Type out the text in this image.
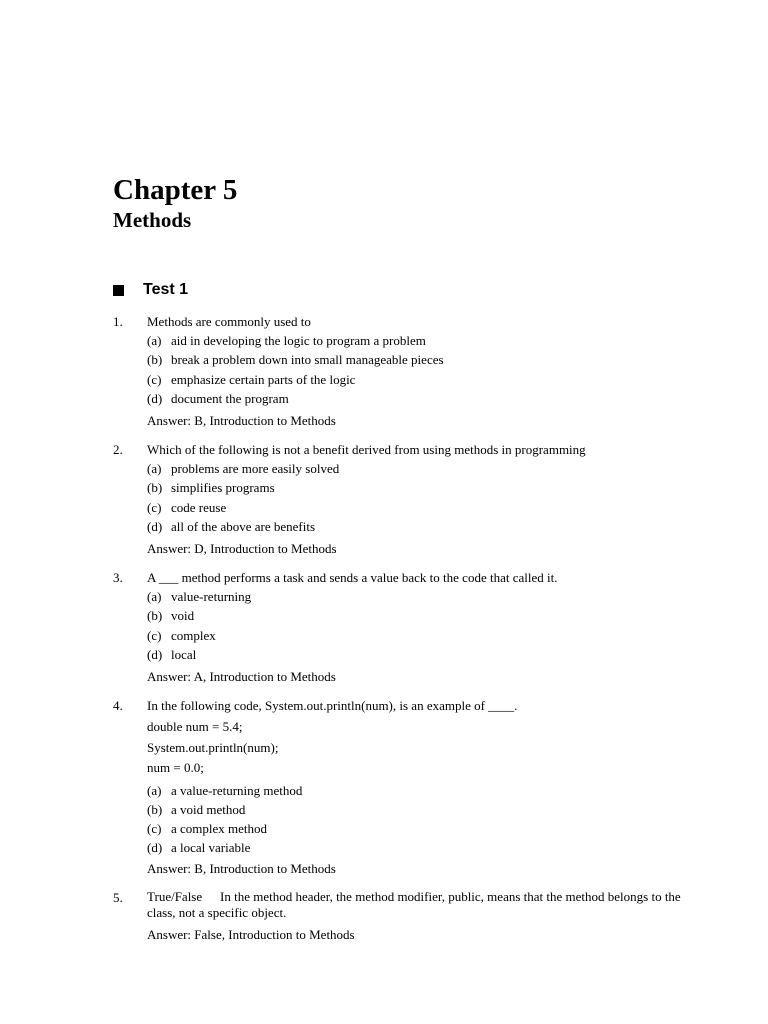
Chapter 5
Methods
Test 1
1. Methods are commonly used to
(a) aid in developing the logic to program a problem
(b) break a problem down into small manageable pieces
(c) emphasize certain parts of the logic
(d) document the program
Answer: B, Introduction to Methods
2. Which of the following is not a benefit derived from using methods in programming
(a) problems are more easily solved
(b) simplifies programs
(c) code reuse
(d) all of the above are benefits
Answer: D, Introduction to Methods
3. A ___ method performs a task and sends a value back to the code that called it.
(a) value-returning
(b) void
(c) complex
(d) local
Answer: A, Introduction to Methods
4. In the following code, System.out.println(num), is an example of ____.
double num = 5.4;
System.out.println(num);
num = 0.0;
(a) a value-returning method
(b) a void method
(c) a complex method
(d) a local variable
Answer: B, Introduction to Methods
5. True/False In the method header, the method modifier, public, means that the method belongs to the class, not a specific object.
Answer: False, Introduction to Methods
